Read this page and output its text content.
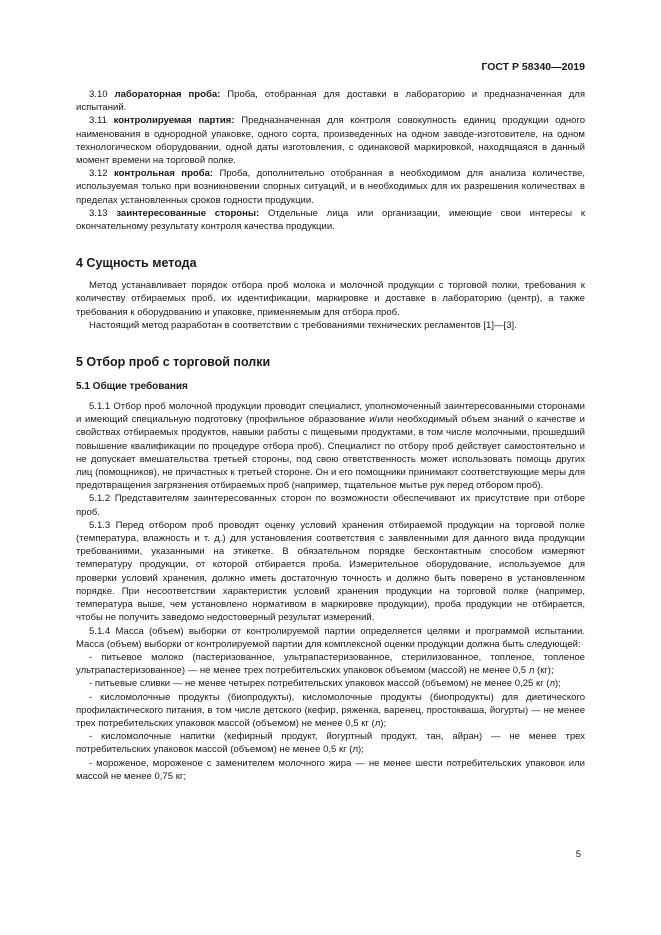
ГОСТ Р 58340—2019

3.10 лабораторная проба: Проба, отобранная для доставки в лабораторию и предназначенная для испытаний.

3.11 контролируемая партия: Предназначенная для контроля совокупность единиц продукции одного наименования в однородной упаковке, одного сорта, произведенных на одном заводе-изготовителе, на одном технологическом оборудовании, одной даты изготовления, с одинаковой маркировкой, находящаяся в данный момент времени на торговой полке.

3.12 контрольная проба: Проба, дополнительно отобранная в необходимом для анализа количестве, используемая только при возникновении спорных ситуаций, и в необходимых для их разрешения количествах в пределах установленных сроков годности продукции.

3.13 заинтересованные стороны: Отдельные лица или организации, имеющие свои интересы к окончательному результату контроля качества продукции.

4 Сущность метода

Метод устанавливает порядок отбора проб молока и молочной продукции с торговой полки, требования к количеству отбираемых проб, их идентификации, маркировке и доставке в лабораторию (центр), а также требования к оборудованию и упаковке, применяемым для отбора проб.

Настоящий метод разработан в соответствии с требованиями технических регламентов [1]—[3].

5 Отбор проб с торговой полки
5.1 Общие требования

5.1.1 Отбор проб молочной продукции проводит специалист, уполномоченный заинтересованными сторонами и имеющий специальную подготовку (профильное образование и/или необходимый объем знаний о качестве и свойствах отбираемых продуктов, навыки работы с пищевыми продуктами, в том числе молочными, прошедший повышение квалификации по процедуре отбора проб). Специалист по отбору проб действует самостоятельно и не допускает вмешательства третьей стороны, под свою ответственность может использовать помощь других лиц (помощников), не причастных к третьей стороне. Он и его помощники принимают соответствующие меры для предотвращения загрязнения отбираемых проб (например, тщательное мытье рук перед отбором проб).

5.1.2 Представителям заинтересованных сторон по возможности обеспечивают их присутствие при отборе проб.

5.1.3 Перед отбором проб проводят оценку условий хранения отбираемой продукции на торговой полке (температура, влажность и т. д.) для установления соответствия с заявленными для данного вида продукции требованиями, указанными на этикетке. В обязательном порядке бесконтактным способом измеряют температуру продукции, от которой отбирается проба. Измерительное оборудование, используемое для проверки условий хранения, должно иметь достаточную точность и должно быть поверено в установленном порядке. При несоответствии характеристик условий хранения продукции на торговой полке (например, температура выше, чем установлено нормативом в маркировке продукции), проба продукции не отбирается, чтобы не получить заведомо недостоверный результат измерений.

5.1.4 Масса (объем) выборки от контролируемой партии определяется целями и программой испытании. Масса (объем) выборки от контролируемой партии для комплексной оценки продукции должна быть следующей:

- питьевое молоко (пастеризованное, ультрапастеризованное, стерилизованное, топленое, топленое ультрапастеризованное) — не менее трех потребительских упаковок объемом (массой) не менее 0,5 л (кг);

- питьевые сливки — не менее четырех потребительских упаковок массой (объемом) не менее 0,25 кг (л);

- кисломолочные продукты (биопродукты), кисломолочные продукты (биопродукты) для диетического профилактического питания, в том числе детского (кефир, ряженка, варенец, простокваша, йогурты) — не менее трех потребительских упаковок массой (объемом) не менее 0,5 кг (л);

- кисломолочные напитки (кефирный продукт, йогуртный продукт, тан, айран) — не менее трех потребительских упаковок массой (объемом) не менее 0,5 кг (л);

- мороженое, мороженое с заменителем молочного жира — не менее шести потребительских упаковок или массой не менее 0,75 кг;

5
